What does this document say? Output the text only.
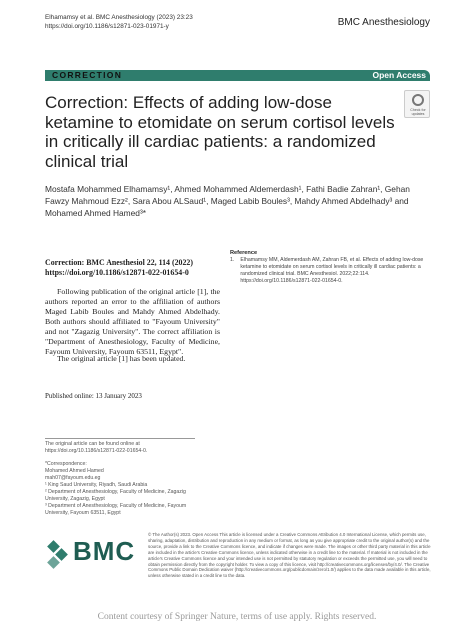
Elhamamsy et al. BMC Anesthesiology (2023) 23:23
https://doi.org/10.1186/s12871-023-01971-y	BMC Anesthesiology
Open Access
CORRECTION
Correction: Effects of adding low-dose ketamine to etomidate on serum cortisol levels in critically ill cardiac patients: a randomized clinical trial
Check for updates
Mostafa Mohammed Elhamamsy¹, Ahmed Mohammed Aldemerdash¹, Fathi Badie Zahran¹, Gehan Fawzy Mahmoud Ezz², Sara Abou ALSaud¹, Maged Labib Boules³, Mahdy Ahmed Abdelhady³ and Mohamed Ahmed Hamed³*
Correction: BMC Anesthesiol 22, 114 (2022)
https://doi.org/10.1186/s12871-022-01654-0
Following publication of the original article [1], the authors reported an error to the affiliation of authors Maged Labib Boules and Mahdy Ahmed Abdelhady. Both authors should affiliated to "Fayoum University" and not "Zagazig University". The correct affiliation is "Department of Anesthesiology, Faculty of Medicine, Fayoum University, Fayoum 63511, Egypt".
The original article [1] has been updated.
Published online: 13 January 2023
Reference
1. Elhamamsy MM, Aldemerdash AM, Zahran FB, et al. Effects of adding low-dose ketamine to etomidate on serum cortisol levels in critically ill cardiac patients: a randomized clinical trial. BMC Anesthesiol. 2022;22:114. https://doi.org/10.1186/s12871-022-01654-0.
The original article can be found online at https://doi.org/10.1186/s12871-022-01654-0.
*Correspondence:
Mohamed Ahmed Hamed
mah07@fayoum.edu.eg
¹ King Saud University, Riyadh, Saudi Arabia
² Department of Anesthesiology, Faculty of Medicine, Zagazig University, Zagazig, Egypt
³ Department of Anesthesiology, Faculty of Medicine, Fayoum University, Fayoum 63511, Egypt
BMC
© The Author(s) 2023. Open Access This article is licensed under a Creative Commons Attribution 4.0 International License, which permits use, sharing, adaptation, distribution and reproduction in any medium or format, as long as you give appropriate credit to the original author(s) and the source, provide a link to the Creative Commons licence, and indicate if changes were made. The images or other third party material in this article are included in the article's Creative Commons licence, unless indicated otherwise in a credit line to the material. If material is not included in the article's Creative Commons licence and your intended use is not permitted by statutory regulation or exceeds the permitted use, you will need to obtain permission directly from the copyright holder. To view a copy of this licence, visit http://creativecommons.org/licenses/by/4.0/. The Creative Commons Public Domain Dedication waiver (http://creativecommons.org/publicdomain/zero/1.0/) applies to the data made available in this article, unless otherwise stated in a credit line to the data.
Content courtesy of Springer Nature, terms of use apply. Rights reserved.
